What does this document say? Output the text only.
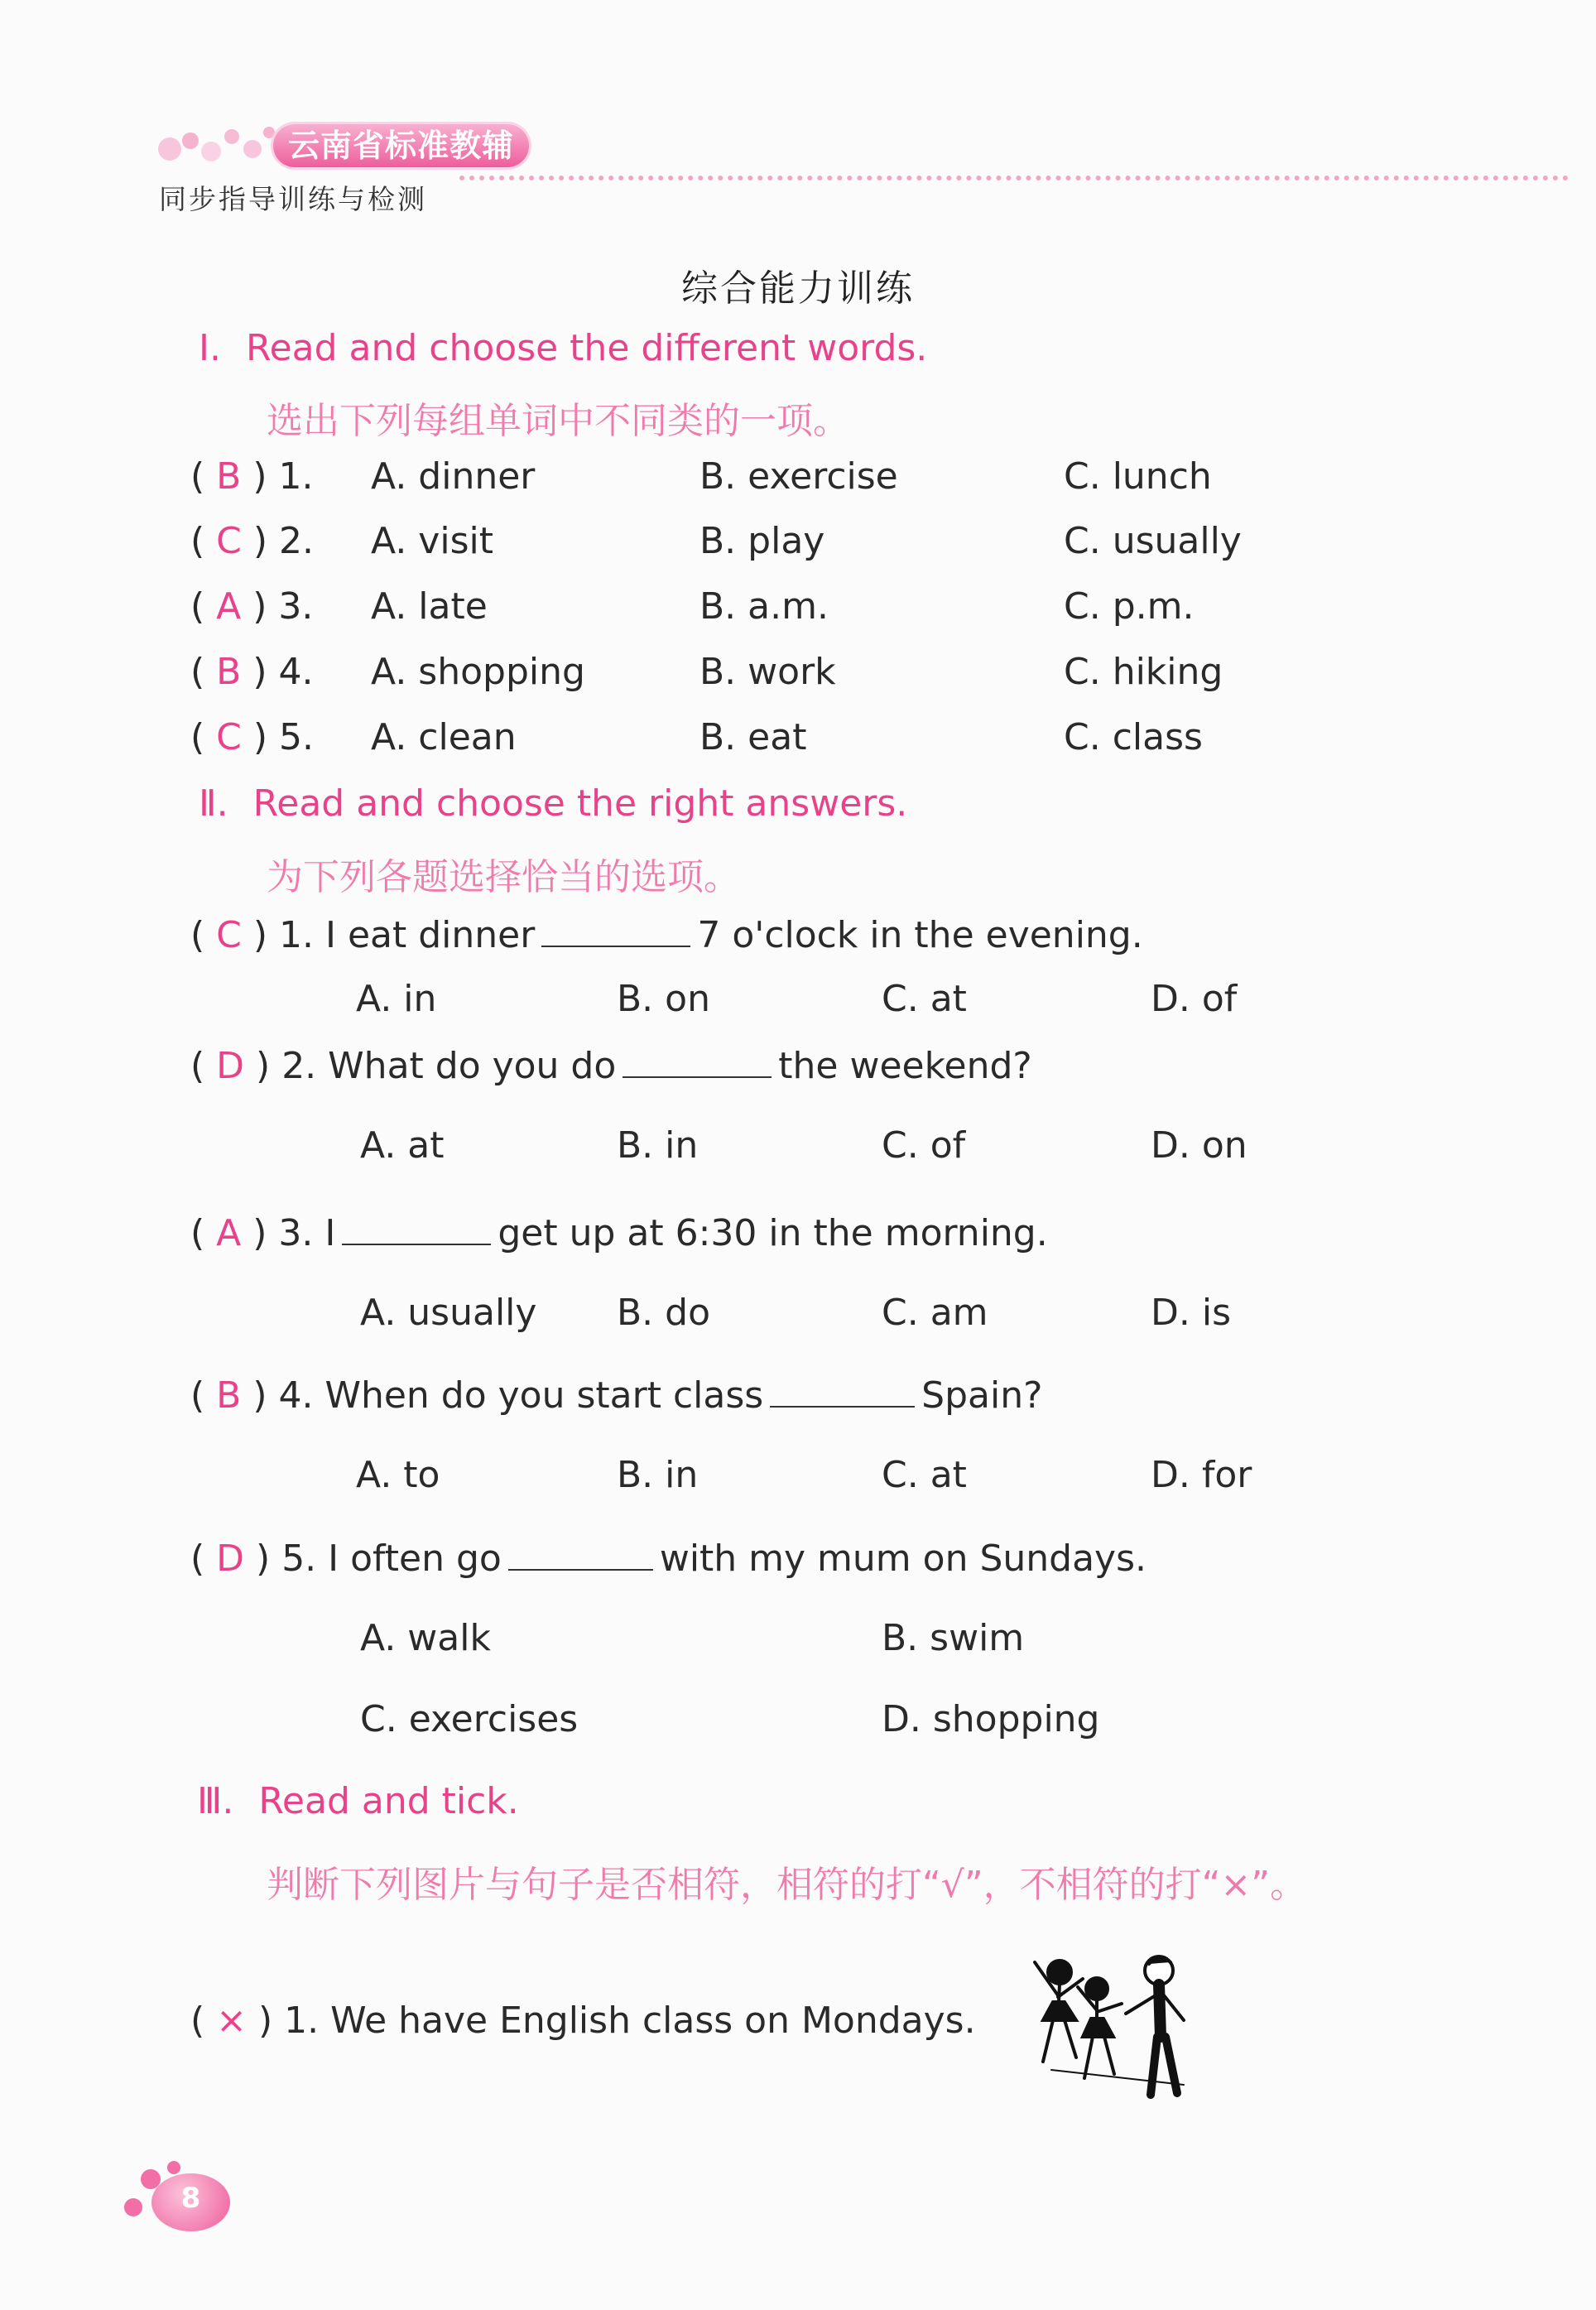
云南省标准教辅
同步指导训练与检测
综合能力训练
Ⅰ. Read and choose the different words.
选出下列每组单词中不同类的一项。
( B ) 1. A. dinner	B. exercise	C. lunch
( C ) 2. A. visit	B. play	C. usually
( A ) 3. A. late	B. a.m.	C. p.m.
( B ) 4. A. shopping	B. work	C. hiking
( C ) 5. A. clean	B. eat	C. class
Ⅱ. Read and choose the right answers.
为下列各题选择恰当的选项。
( C ) 1. I eat dinner	7 o'clock in the evening.
A. in	B. on	C. at	D. of
( D ) 2. What do you do	the weekend?
A. at	B. in	C. of	D. on
( A ) 3. I	get up at 6:30 in the morning.
A. usually B. do	C. am	D. is
( B ) 4. When do you start class	Spain?
A. to	B. in	C. at	D. for
( D ) 5. I often go	with my mum on Sundays.
A. walk	B. swim
C. exercises	D. shopping
Ⅲ. Read and tick.
判断下列图片与句子是否相符，相符的打“√”，不相符的打“×”。
( × ) 1. We have English class on Mondays.
8
